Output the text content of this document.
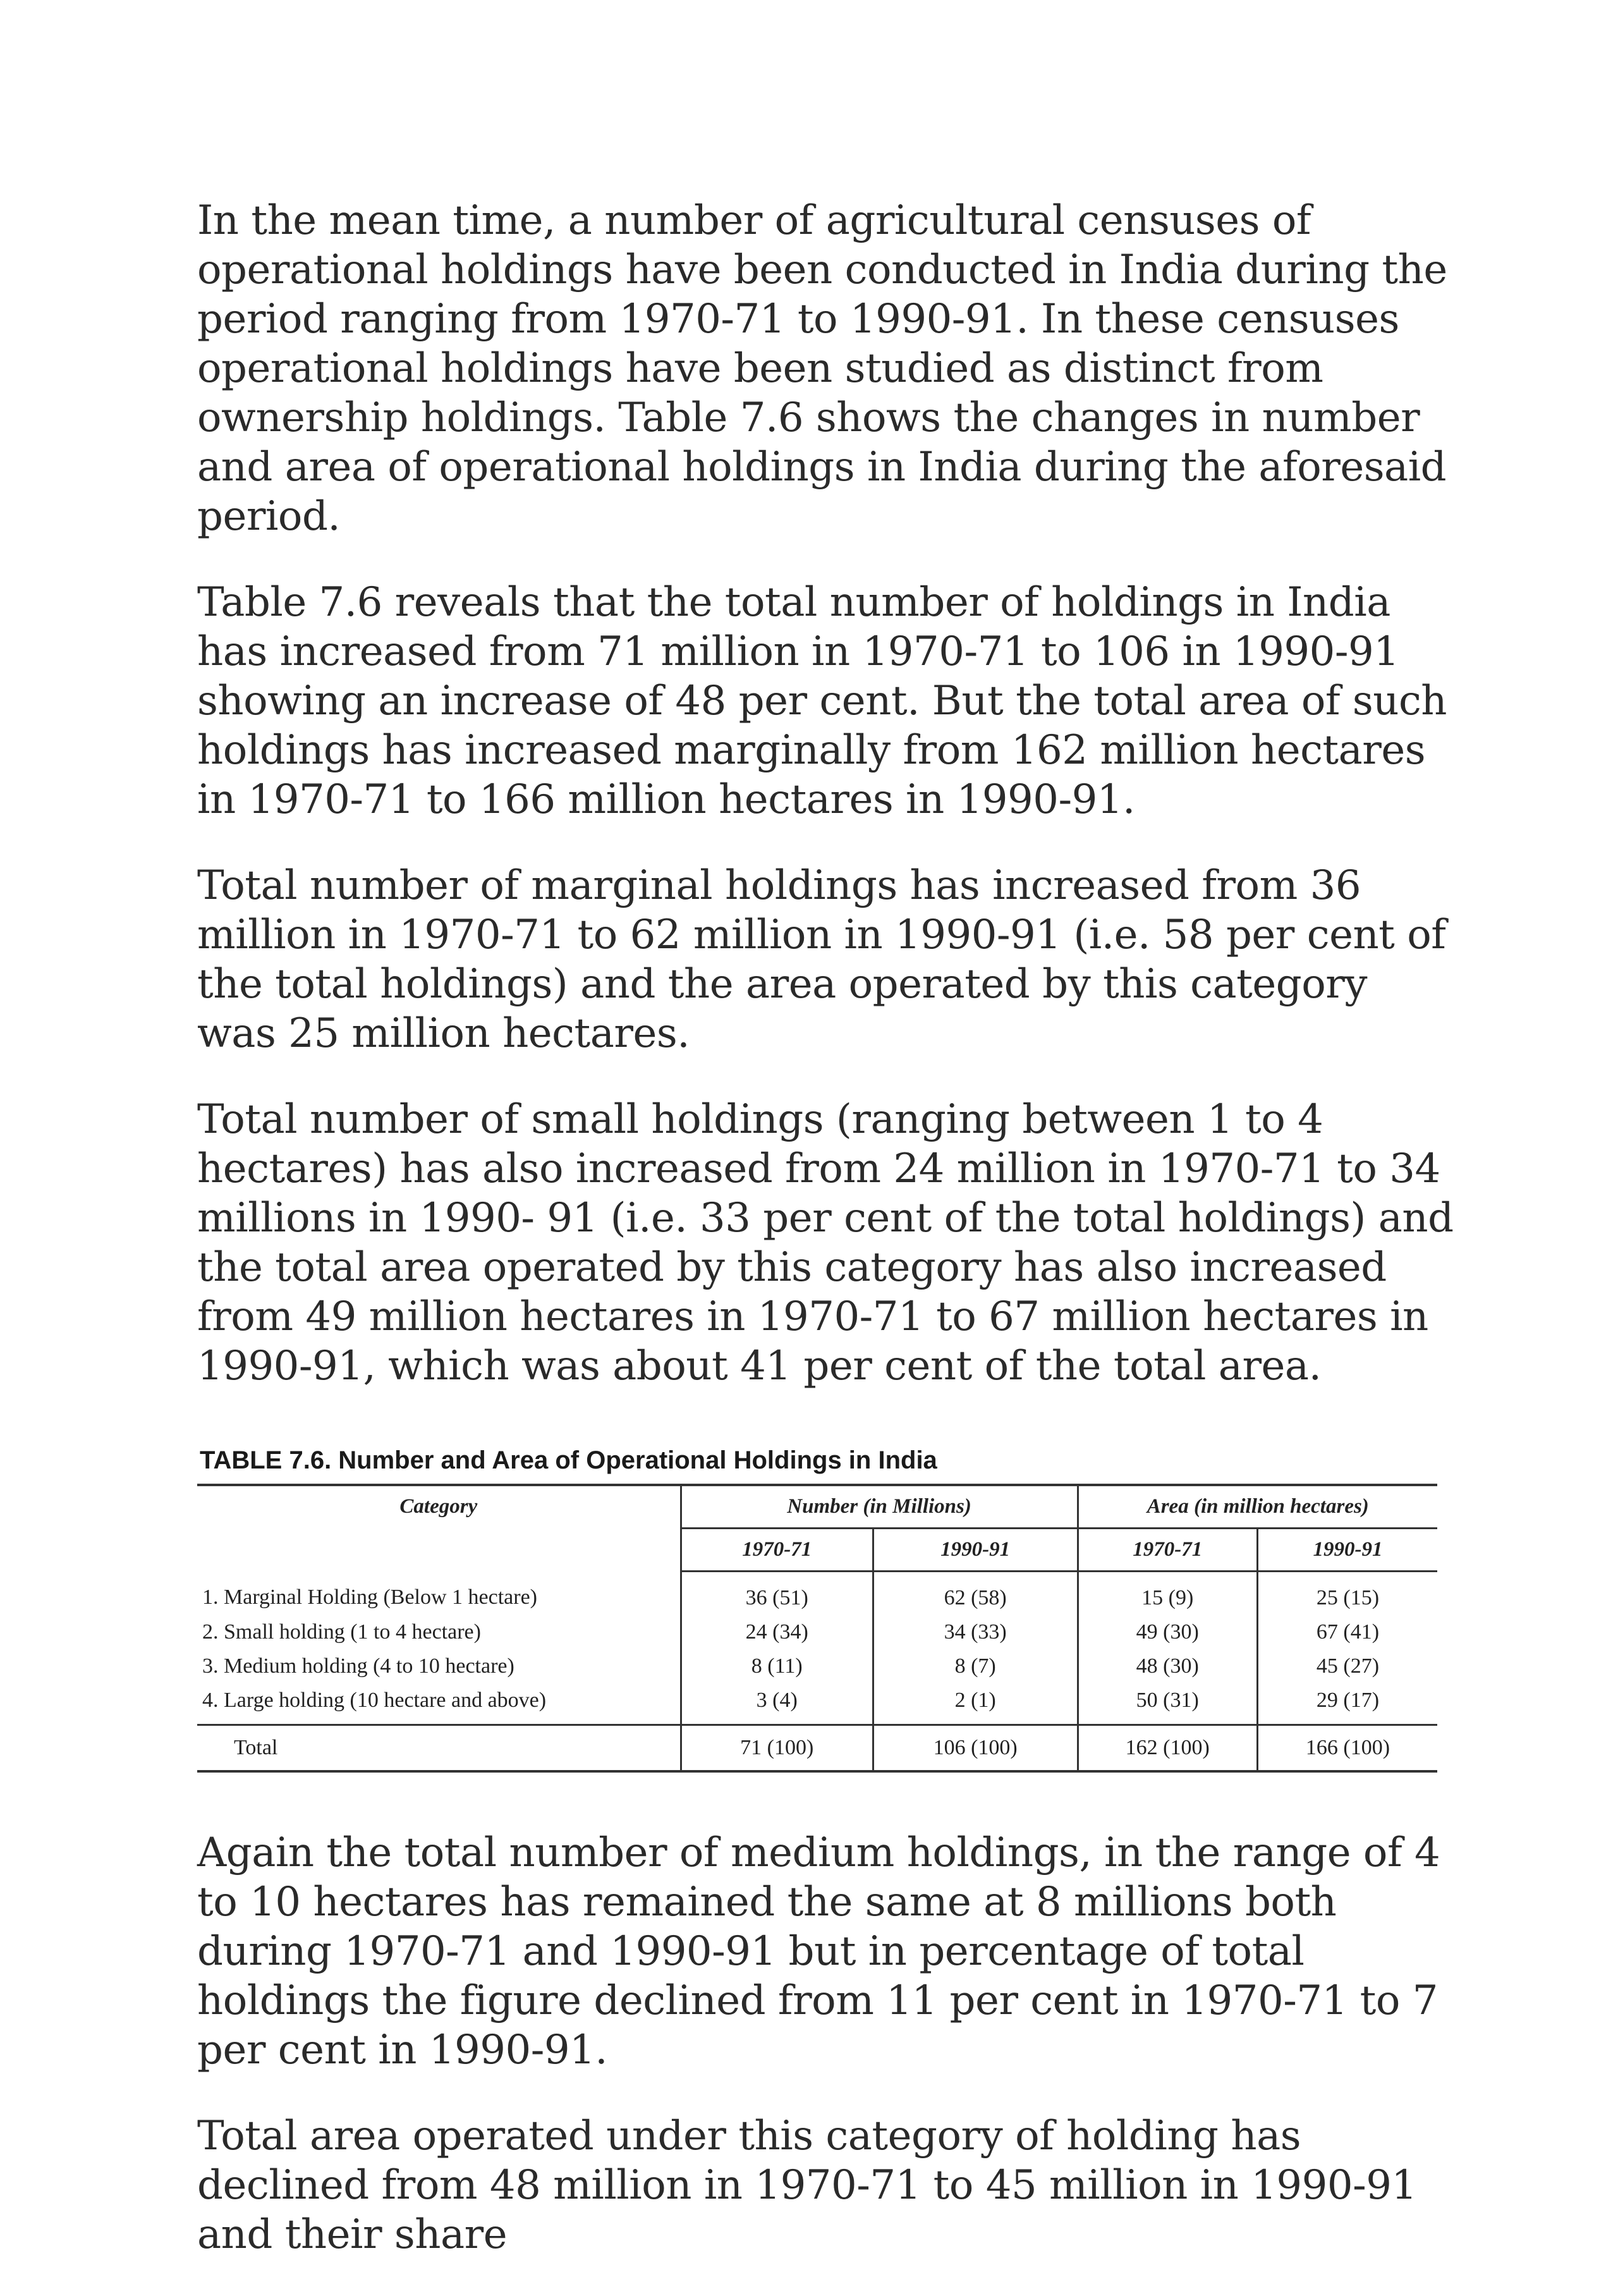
In the mean time, a number of agricultural censuses of operational holdings have been conducted in India during the period ranging from 1970-71 to 1990-91. In these censuses operational holdings have been studied as distinct from ownership holdings. Table 7.6 shows the changes in number and area of operational holdings in India during the aforesaid period.

Table 7.6 reveals that the total number of holdings in India has increased from 71 million in 1970-71 to 106 in 1990-91 showing an increase of 48 per cent. But the total area of such holdings has increased marginally from 162 million hectares in 1970-71 to 166 million hectares in 1990-91.

Total number of marginal holdings has increased from 36 million in 1970-71 to 62 million in 1990-91 (i.e. 58 per cent of the total holdings) and the area operated by this category was 25 million hectares.

Total number of small holdings (ranging between 1 to 4 hectares) has also increased from 24 million in 1970-71 to 34 millions in 1990- 91 (i.e. 33 per cent of the total holdings) and the total area operated by this category has also increased from 49 million hectares in 1970-71 to 67 million hectares in 1990-91, which was about 41 per cent of the total area.

TABLE 7.6. Number and Area of Operational Holdings in India
Category	Number (in Millions)		Area (in million hectares)	
	1970-71	1990-91	1970-71	1990-91
1. Marginal Holding (Below 1 hectare)	36 (51)	62 (58)	15 (9)	25 (15)
2. Small holding (1 to 4 hectare)	24 (34)	34 (33)	49 (30)	67 (41)
3. Medium holding (4 to 10 hectare)	8 (11)	8 (7)	48 (30)	45 (27)
4. Large holding (10 hectare and above)	3 (4)	2 (1)	50 (31)	29 (17)
Total	71 (100)	106 (100)	162 (100)	166 (100)

Again the total number of medium holdings, in the range of 4 to 10 hectares has remained the same at 8 millions both during 1970-71 and 1990-91 but in percentage of total holdings the figure declined from 11 per cent in 1970-71 to 7 per cent in 1990-91.

Total area operated under this category of holding has declined from 48 million in 1970-71 to 45 million in 1990-91 and their share
